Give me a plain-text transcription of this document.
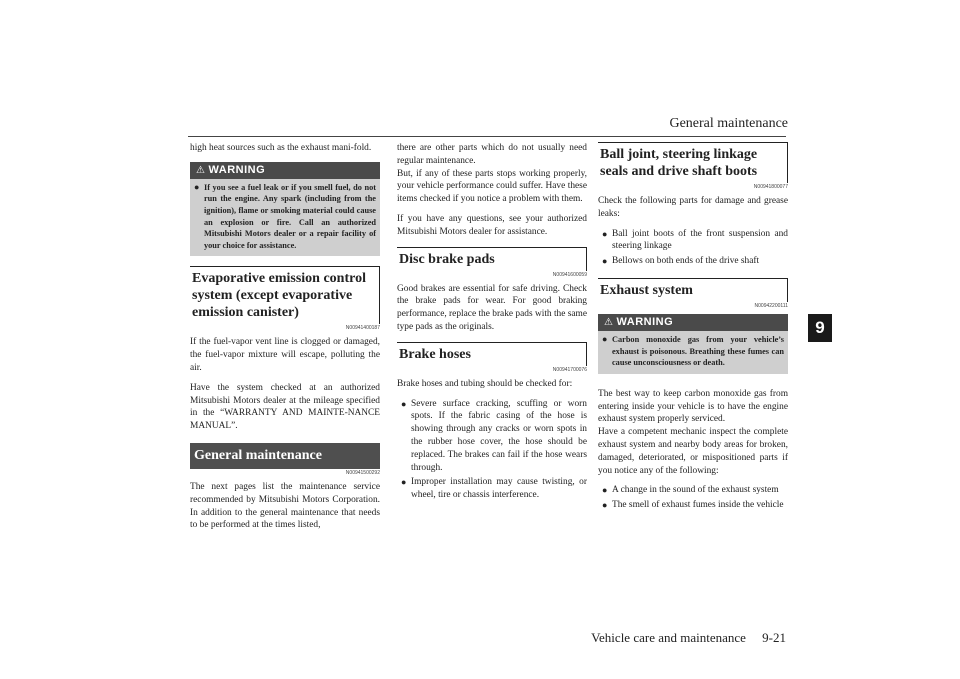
General maintenance
9

high heat sources such as the exhaust mani-fold.

⚠ WARNING
● If you see a fuel leak or if you smell fuel, do not run the engine. Any spark (including from the ignition), flame or smoking material could cause an explosion or fire. Call an authorized Mitsubishi Motors dealer or a repair facility of your choice for assistance.
Evaporative emission control system (except evaporative emission canister)
N00941400187

If the fuel-vapor vent line is clogged or damaged, the fuel-vapor mixture will escape, polluting the air.

Have the system checked at an authorized Mitsubishi Motors dealer at the mileage specified in the “WARRANTY AND MAINTE-NANCE MANUAL”.

General maintenance
N00941500292

The next pages list the maintenance service recommended by Mitsubishi Motors Corporation. In addition to the general maintenance that needs to be performed at the times listed,

there are other parts which do not usually need regular maintenance.

But, if any of these parts stops working properly, your vehicle performance could suffer. Have these items checked if you notice a problem with them.

If you have any questions, see your authorized Mitsubishi Motors dealer for assistance.

Disc brake pads
N00941600059

Good brakes are essential for safe driving. Check the brake pads for wear. For good braking performance, replace the brake pads with the same type pads as the originals.

Brake hoses
N00941700076

Brake hoses and tubing should be checked for:

● Severe surface cracking, scuffing or worn spots. If the fabric casing of the hose is showing through any cracks or worn spots in the rubber hose cover, the hose should be replaced. The brakes can fail if the hose wears through.
● Improper installation may cause twisting, or wheel, tire or chassis interference.
Ball joint, steering linkage seals and drive shaft boots
N00941800077

Check the following parts for damage and grease leaks:

● Ball joint boots of the front suspension and steering linkage
● Bellows on both ends of the drive shaft
Exhaust system
N00942200111
⚠ WARNING
● Carbon monoxide gas from your vehicle’s exhaust is poisonous. Breathing these fumes can cause unconsciousness or death.

The best way to keep carbon monoxide gas from entering inside your vehicle is to have the engine exhaust system properly serviced.

Have a competent mechanic inspect the complete exhaust system and nearby body areas for broken, damaged, deteriorated, or mispositioned parts if you notice any of the following:

● A change in the sound of the exhaust system
● The smell of exhaust fumes inside the vehicle
Vehicle care and maintenance     9-21
